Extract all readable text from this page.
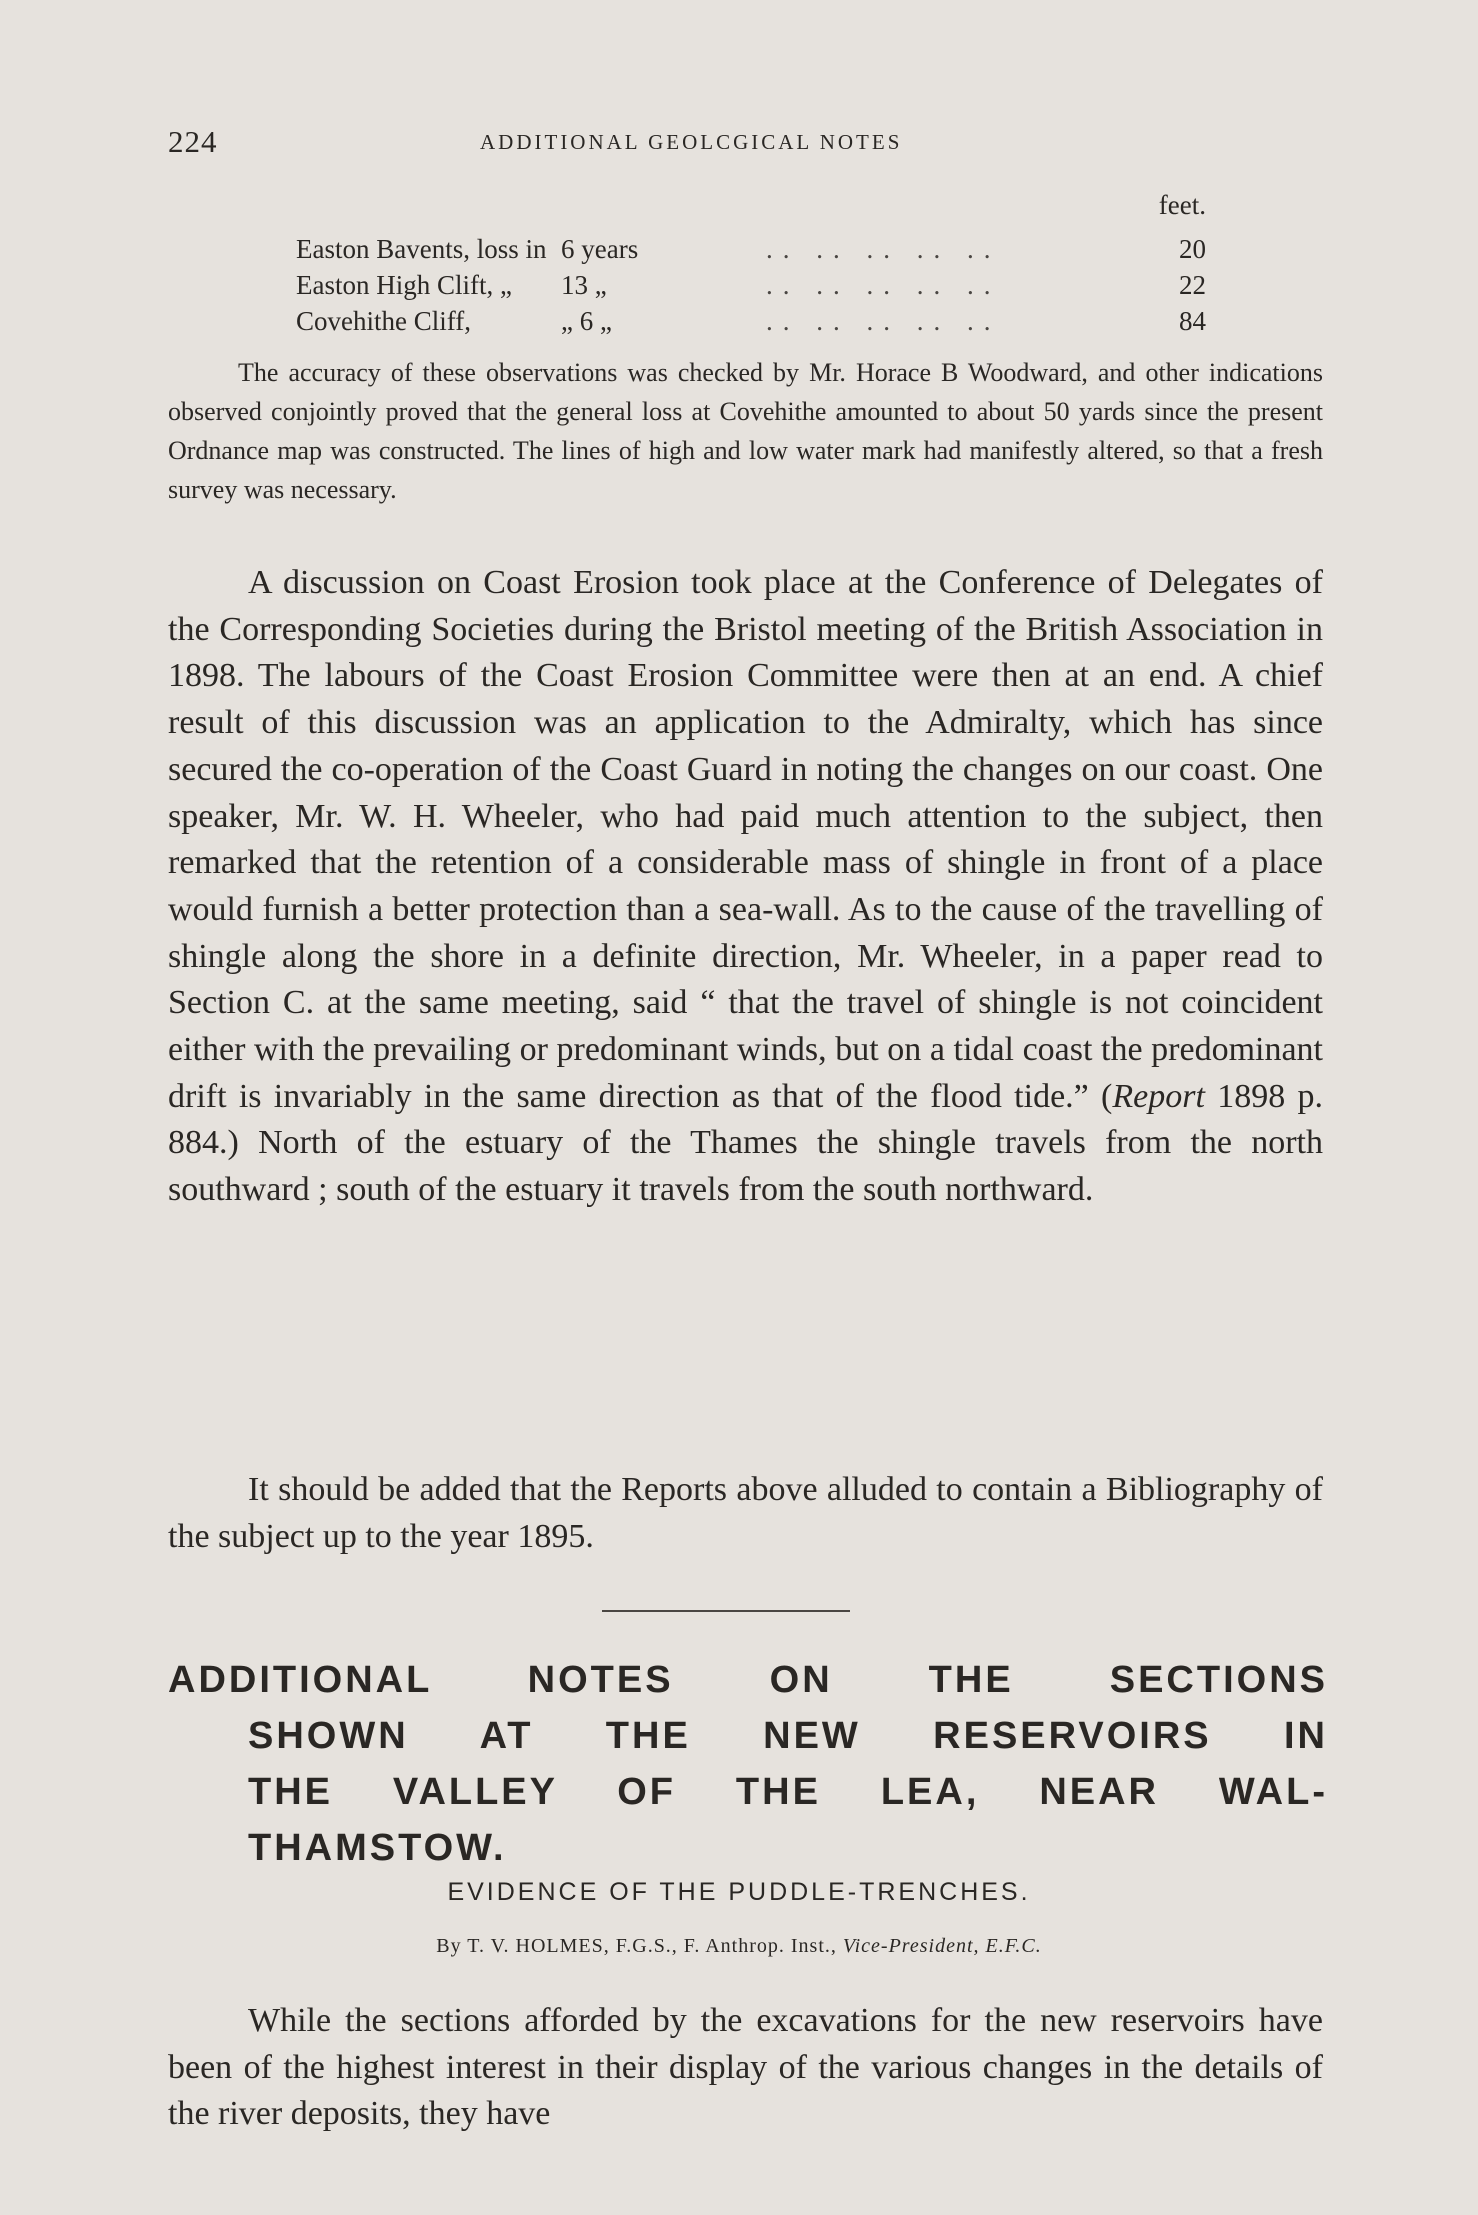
224	ADDITIONAL GEOLCGICAL NOTES
feet.
Easton Bavents, loss in 6 years	.. .. .. .. ..	20
Easton High Clift, „ 13 „	.. .. .. .. ..	22
Covehithe Cliff,	„ 6 „	.. .. .. .. ..	84

The accuracy of these observations was checked by Mr. Horace B Woodward, and other indications observed conjointly proved that the general loss at Covehithe amounted to about 50 yards since the present Ordnance map was constructed. The lines of high and low water mark had manifestly altered, so that a fresh survey was necessary.

A discussion on Coast Erosion took place at the Conference of Delegates of the Corresponding Societies during the Bristol meeting of the British Association in 1898. The labours of the Coast Erosion Committee were then at an end. A chief result of this discussion was an application to the Admiralty, which has since secured the co-operation of the Coast Guard in noting the changes on our coast. One speaker, Mr. W. H. Wheeler, who had paid much attention to the subject, then remarked that the retention of a considerable mass of shingle in front of a place would furnish a better protection than a sea-wall. As to the cause of the travelling of shingle along the shore in a definite direction, Mr. Wheeler, in a paper read to Section C. at the same meeting, said “ that the travel of shingle is not coincident either with the prevailing or predominant winds, but on a tidal coast the predominant drift is invariably in the same direction as that of the flood tide.” (Report 1898 p. 884.) North of the estuary of the Thames the shingle travels from the north southward ; south of the estuary it travels from the south northward.

It should be added that the Reports above alluded to contain a Bibliography of the subject up to the year 1895.

ADDITIONAL NOTES ON THE SECTIONS
SHOWN AT THE NEW RESERVOIRS IN
THE VALLEY OF THE LEA, NEAR WAL-
THAMSTOW.

EVIDENCE OF THE PUDDLE-TRENCHES.

By T. V. HOLMES, F.G.S., F. Anthrop. Inst., Vice-President, E.F.C.

While the sections afforded by the excavations for the new reservoirs have been of the highest interest in their display of the various changes in the details of the river deposits, they have
